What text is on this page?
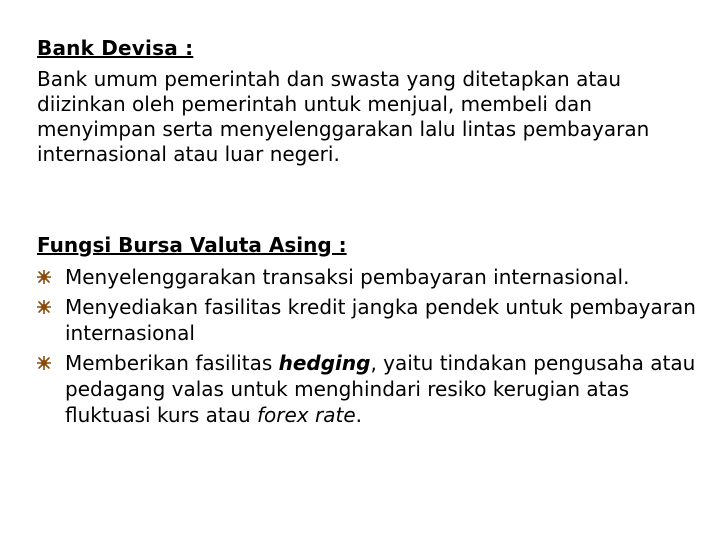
Bank Devisa :

Bank umum pemerintah dan swasta yang ditetapkan atau diizinkan oleh pemerintah untuk menjual, membeli dan menyimpan serta menyelenggarakan lalu lintas pembayaran internasional atau luar negeri.

Fungsi Bursa Valuta Asing :
Menyelenggarakan transaksi pembayaran internasional.
Menyediakan fasilitas kredit jangka pendek untuk pembayaran internasional
Memberikan fasilitas hedging, yaitu tindakan pengusaha atau pedagang valas untuk menghindari resiko kerugian atas fluktuasi kurs atau forex rate.
